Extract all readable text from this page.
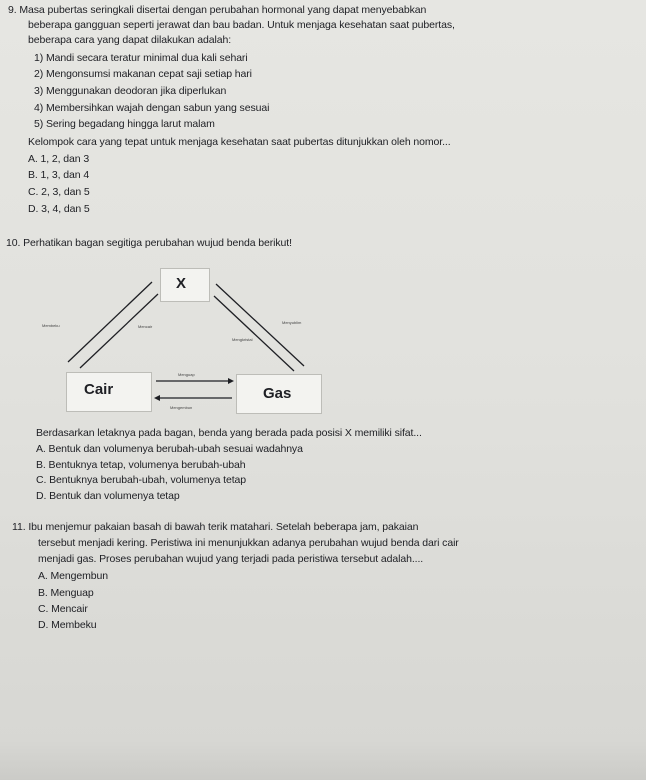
9. Masa pubertas seringkali disertai dengan perubahan hormonal yang dapat menyebabkan
beberapa gangguan seperti jerawat dan bau badan. Untuk menjaga kesehatan saat pubertas,
beberapa cara yang dapat dilakukan adalah:
1) Mandi secara teratur minimal dua kali sehari
2) Mengonsumsi makanan cepat saji setiap hari
3) Menggunakan deodoran jika diperlukan
4) Membersihkan wajah dengan sabun yang sesuai
5) Sering begadang hingga larut malam
Kelompok cara yang tepat untuk menjaga kesehatan saat pubertas ditunjukkan oleh nomor...
A. 1, 2, dan 3
B. 1, 3, dan 4
C. 2, 3, dan 5
D. 3, 4, dan 5
10. Perhatikan bagan segitiga perubahan wujud benda berikut!
X
Cair	Gas
Membeku	Mencair
Menyublim
Mengkristal
Menguap
Mengembun
Berdasarkan letaknya pada bagan, benda yang berada pada posisi X memiliki sifat...
A. Bentuk dan volumenya berubah-ubah sesuai wadahnya
B. Bentuknya tetap, volumenya berubah-ubah
C. Bentuknya berubah-ubah, volumenya tetap
D. Bentuk dan volumenya tetap
11. Ibu menjemur pakaian basah di bawah terik matahari. Setelah beberapa jam, pakaian
tersebut menjadi kering. Peristiwa ini menunjukkan adanya perubahan wujud benda dari cair
menjadi gas. Proses perubahan wujud yang terjadi pada peristiwa tersebut adalah....
A. Mengembun
B. Menguap
C. Mencair
D. Membeku
